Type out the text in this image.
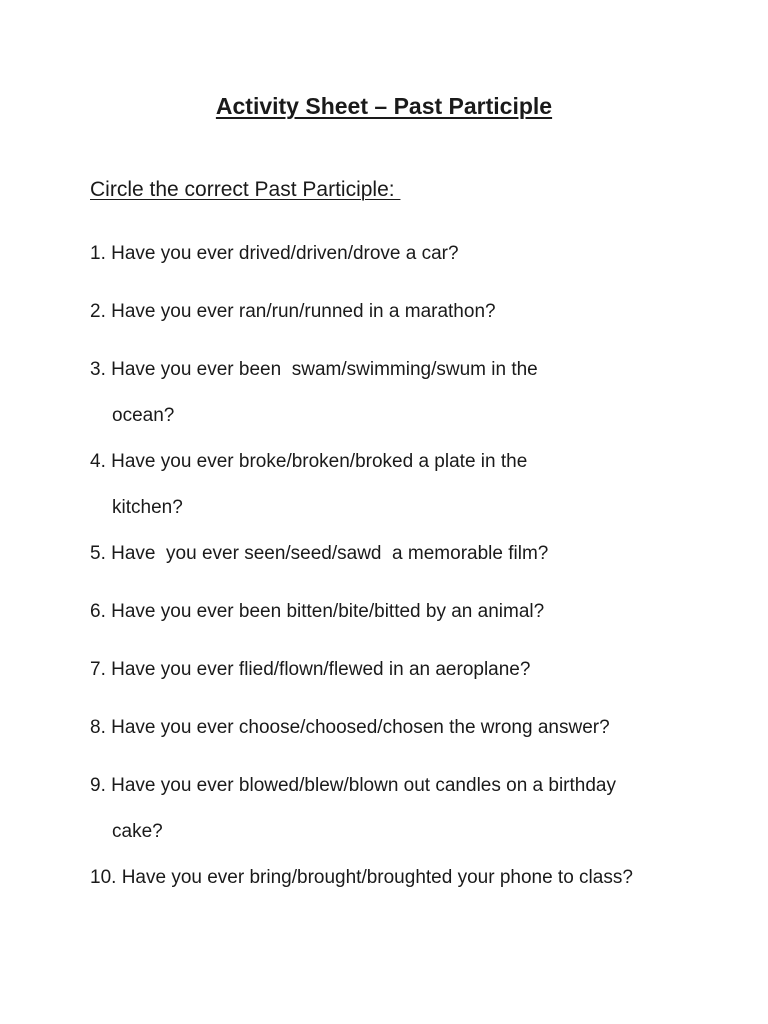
Activity Sheet – Past Participle
Circle the correct Past Participle:
1. Have you ever drived/driven/drove a car?
2. Have you ever ran/run/runned in a marathon?
3. Have you ever been  swam/swimming/swum in the
ocean?
4. Have you ever broke/broken/broked a plate in the
kitchen?
5. Have  you ever seen/seed/sawd  a memorable film?
6. Have you ever been bitten/bite/bitted by an animal?
7. Have you ever flied/flown/flewed in an aeroplane?
8. Have you ever choose/choosed/chosen the wrong answer?
9. Have you ever blowed/blew/blown out candles on a birthday
cake?
10. Have you ever bring/brought/broughted your phone to class?
